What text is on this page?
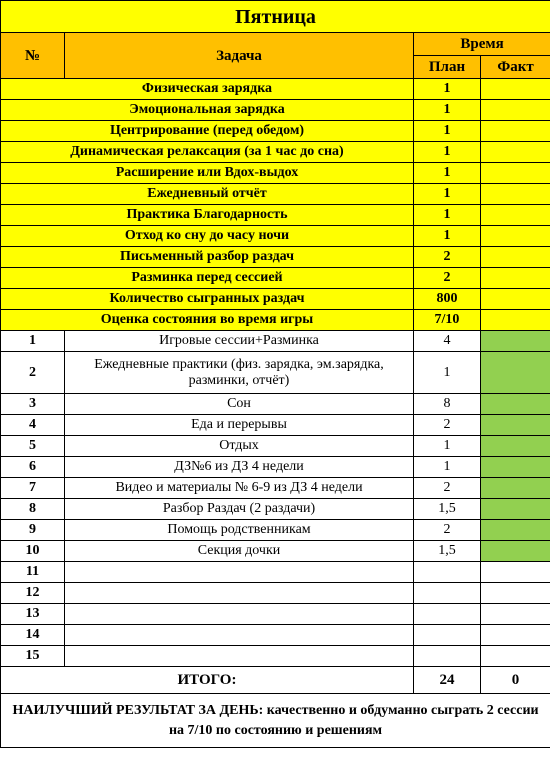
Пятница			
№	Задача	Время	
		План	Факт
Физическая зарядка		1	
Эмоциональная зарядка		1	
Центрирование (перед обедом)		1	
Динамическая релаксация (за 1 час до сна)		1	
Расширение или Вдох-выдох		1	
Ежедневный отчёт		1	
Практика Благодарность		1	
Отход ко сну до часу ночи		1	
Письменный разбор раздач		2	
Разминка перед сессией		2	
Количество сыгранных раздач		800	
Оценка состояния во время игры		7/10	
1	Игровые сессии+Разминка	4	
2	Ежедневные практики (физ. зарядка, эм.зарядка, разминки, отчёт)	1	
3	Сон	8	
4	Еда и перерывы	2	
5	Отдых	1	
6	ДЗ№6 из ДЗ 4 недели	1	
7	Видео и материалы № 6-9 из ДЗ 4 недели	2	
8	Разбор Раздач (2 раздачи)	1,5	
9	Помощь родственникам	2	
10	Секция дочки	1,5	
11			
12			
13			
14			
15			
ИТОГО:		24	0
НАИЛУЧШИЙ РЕЗУЛЬТАТ ЗА ДЕНЬ: качественно и обдуманно сыграть 2 сессии на 7/10 по состоянию и решениям			
